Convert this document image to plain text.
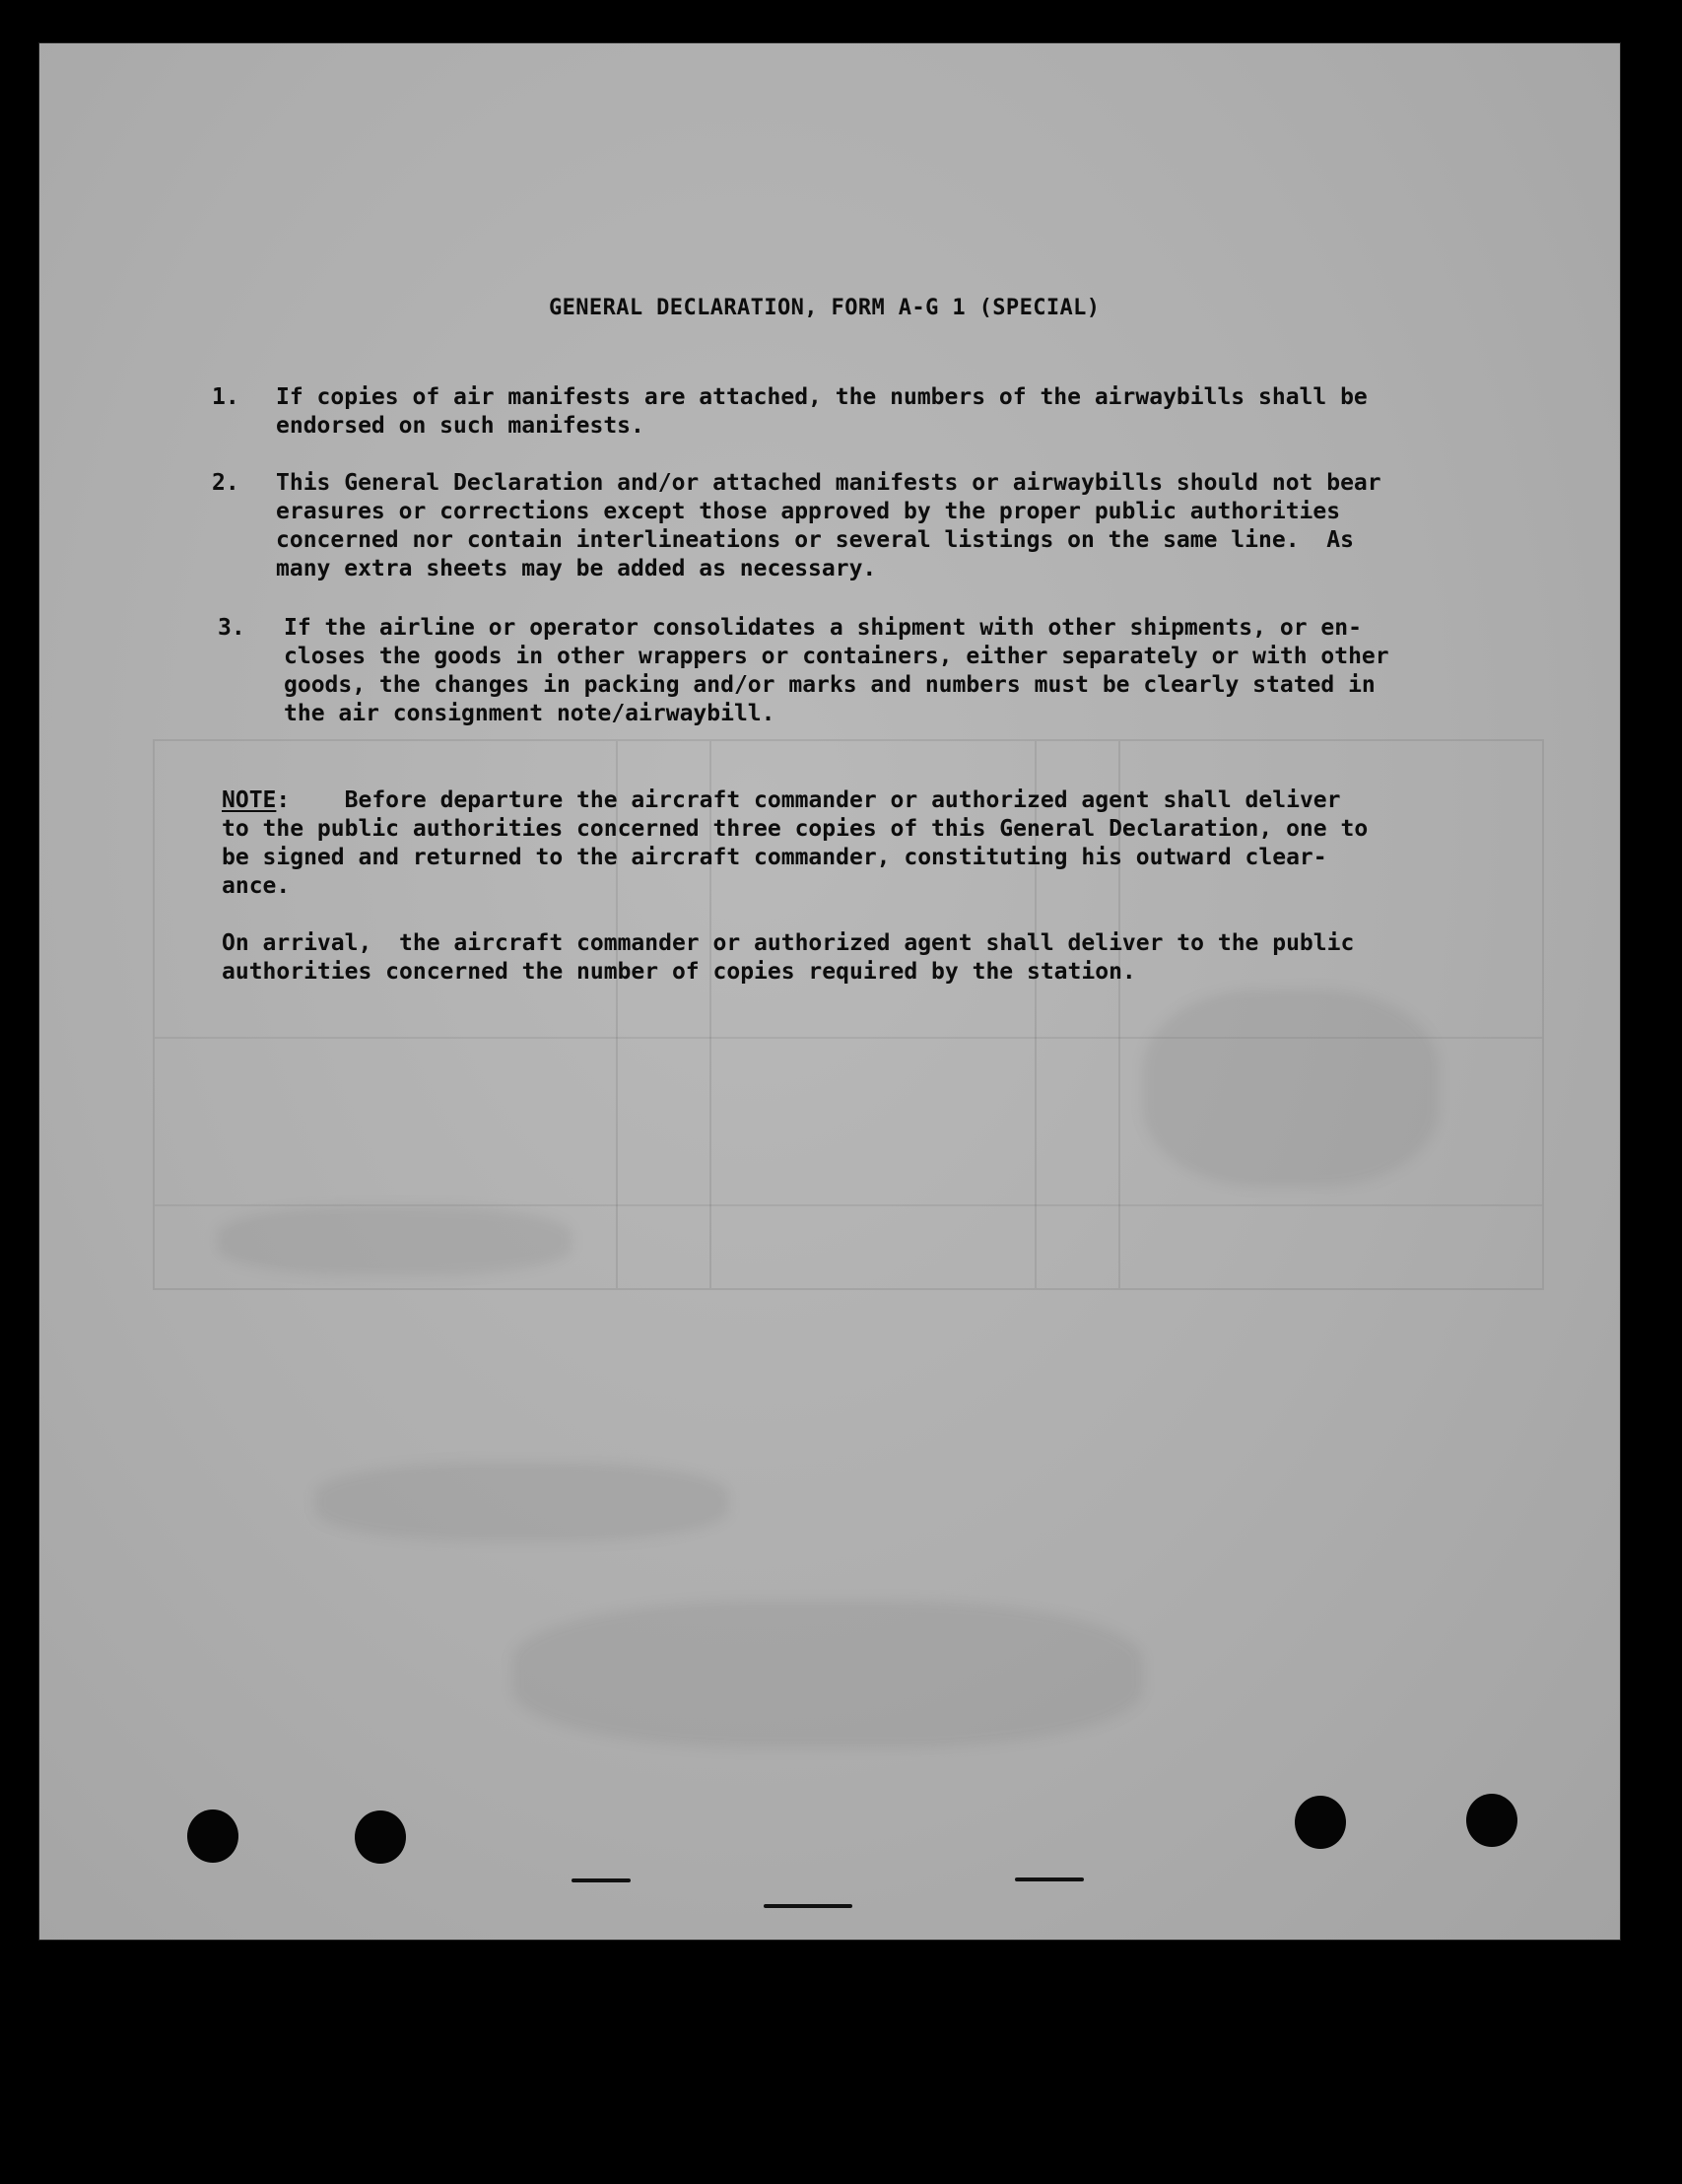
GENERAL DECLARATION, FORM A-G 1 (SPECIAL)
1. If copies of air manifests are attached, the numbers of the airwaybills shall be
endorsed on such manifests.
2. This General Declaration and/or attached manifests or airwaybills should not bear
erasures or corrections except those approved by the proper public authorities
concerned nor contain interlineations or several listings on the same line.  As
many extra sheets may be added as necessary.
3. If the airline or operator consolidates a shipment with other shipments, or en-
closes the goods in other wrappers or containers, either separately or with other
goods, the changes in packing and/or marks and numbers must be clearly stated in
the air consignment note/airwaybill.
NOTE:    Before departure the aircraft commander or authorized agent shall deliver
to the public authorities concerned three copies of this General Declaration, one to
be signed and returned to the aircraft commander, constituting his outward clear-
ance.
On arrival,  the aircraft commander or authorized agent shall deliver to the public
authorities concerned the number of copies required by the station.
